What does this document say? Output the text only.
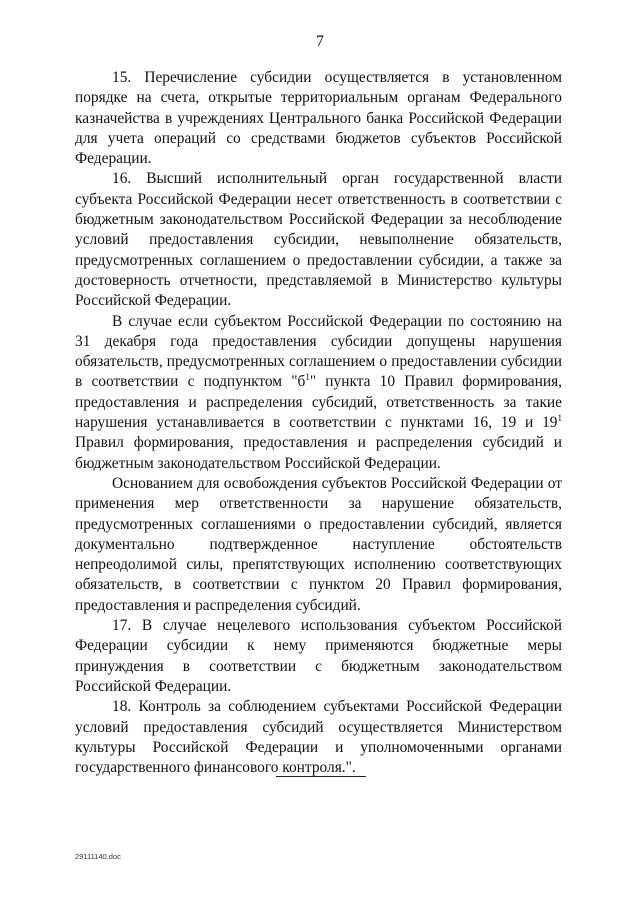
7

15. Перечисление субсидии осуществляется в установленном порядке на счета, открытые территориальным органам Федерального казначейства в учреждениях Центрального банка Российской Федерации для учета операций со средствами бюджетов субъектов Российской Федерации.

16. Высший исполнительный орган государственной власти субъекта Российской Федерации несет ответственность в соответствии с бюджетным законодательством Российской Федерации за несоблюдение условий предоставления субсидии, невыполнение обязательств, предусмотренных соглашением о предоставлении субсидии, а также за достоверность отчетности, представляемой в Министерство культуры Российской Федерации.

В случае если субъектом Российской Федерации по состоянию на 31 декабря года предоставления субсидии допущены нарушения обязательств, предусмотренных соглашением о предоставлении субсидии в соответствии с подпунктом "$б^1$" пункта 10 Правил формирования, предоставления и распределения субсидий, ответственность за такие нарушения устанавливается в соответствии с пунктами 16, 19 и $19^1$ Правил формирования, предоставления и распределения субсидий и бюджетным законодательством Российской Федерации.

Основанием для освобождения субъектов Российской Федерации от применения мер ответственности за нарушение обязательств, предусмотренных соглашениями о предоставлении субсидий, является документально подтвержденное наступление обстоятельств непреодолимой силы, препятствующих исполнению соответствующих обязательств, в соответствии с пунктом 20 Правил формирования, предоставления и распределения субсидий.

17. В случае нецелевого использования субъектом Российской Федерации субсидии к нему применяются бюджетные меры принуждения в соответствии с бюджетным законодательством Российской Федерации.

18. Контроль за соблюдением субъектами Российской Федерации условий предоставления субсидий осуществляется Министерством культуры Российской Федерации и уполномоченными органами государственного финансового контроля.".

29111140.doc
